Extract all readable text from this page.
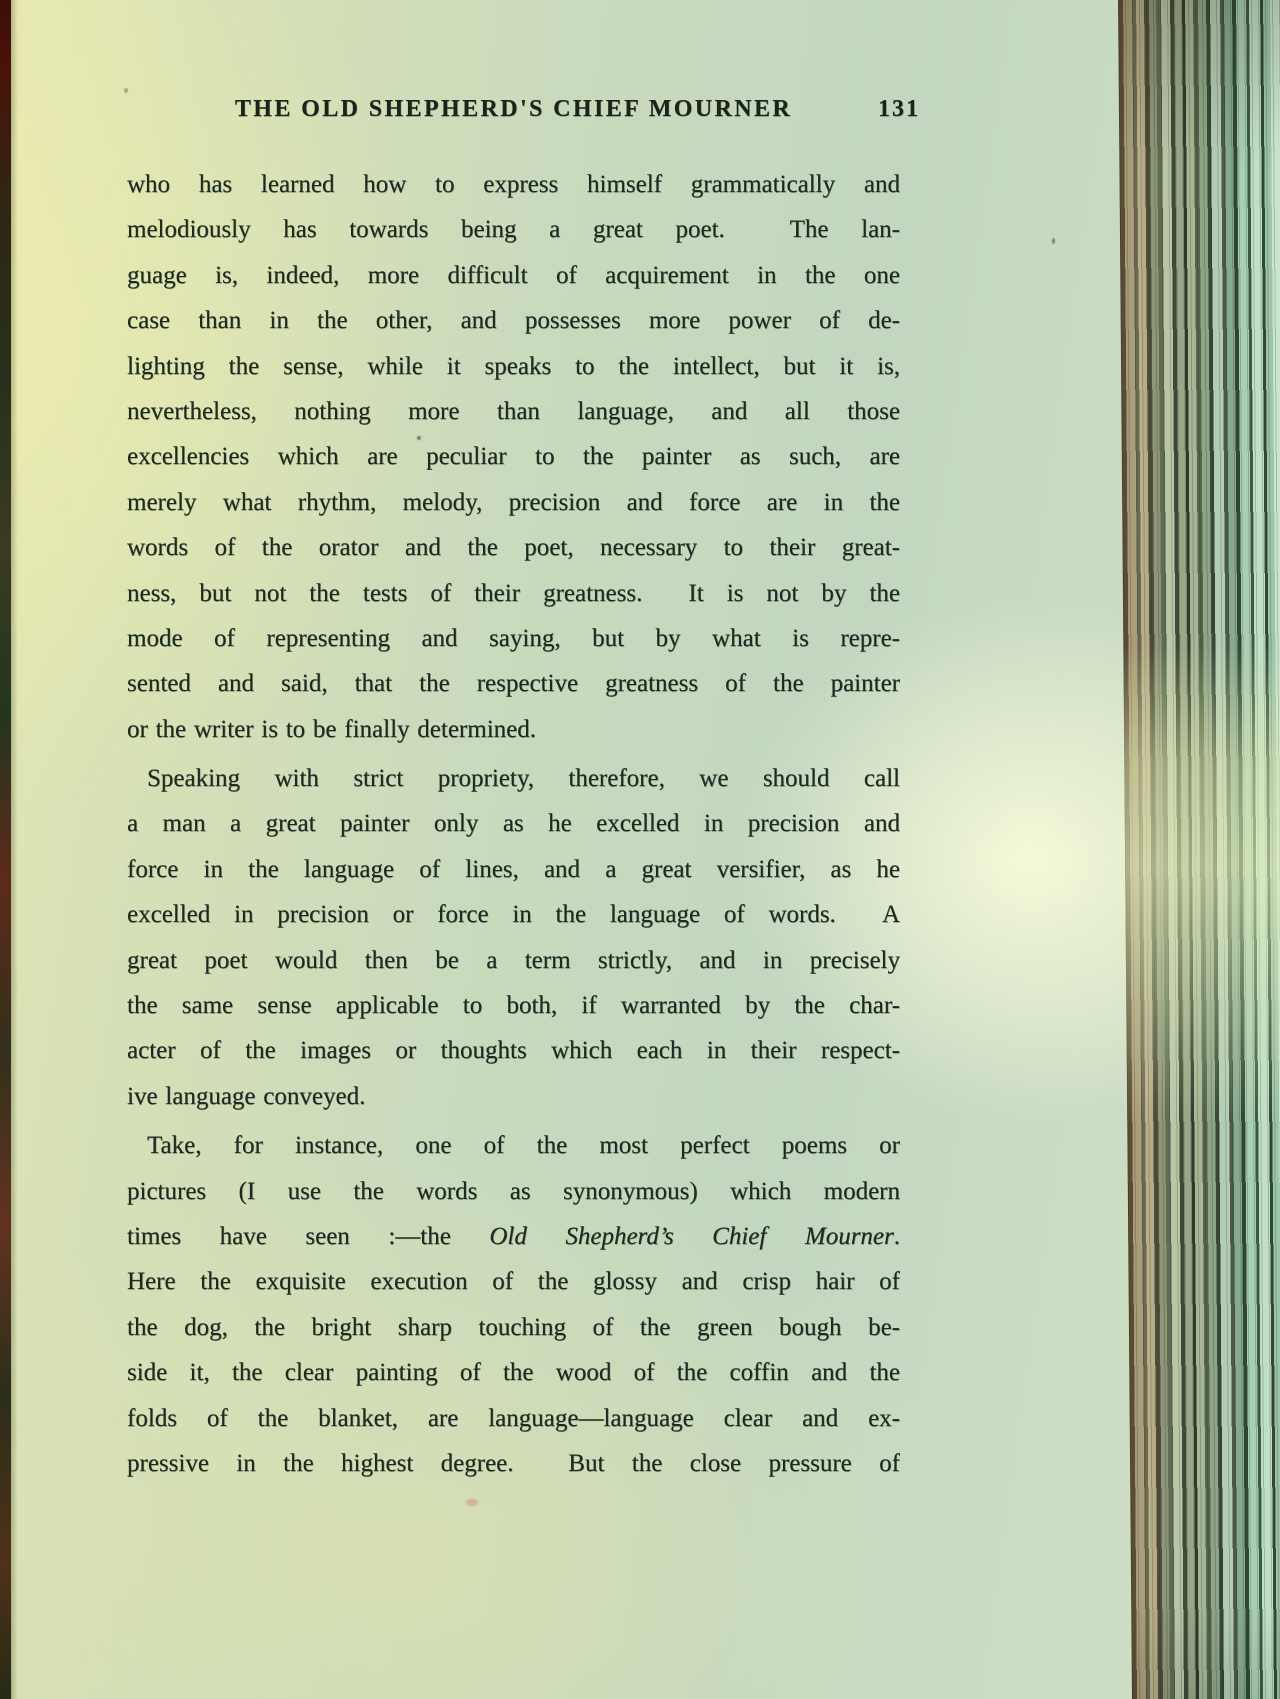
THE OLD SHEPHERD'S CHIEF MOURNER	131
who has learned how to express himself grammatically and
melodiously has towards being a great poet.  The lan-
guage is, indeed, more difficult of acquirement in the one
case than in the other, and possesses more power of de-
lighting the sense, while it speaks to the intellect, but it is,
nevertheless, nothing more than language, and all those
excellencies which are peculiar to the painter as such, are
merely what rhythm, melody, precision and force are in the
words of the orator and the poet, necessary to their great-
ness, but not the tests of their greatness.  It is not by the
mode of representing and saying, but by what is repre-
sented and said, that the respective greatness of the painter
or the writer is to be finally determined.
Speaking with strict propriety, therefore, we should call
a man a great painter only as he excelled in precision and
force in the language of lines, and a great versifier, as he
excelled in precision or force in the language of words.  A
great poet would then be a term strictly, and in precisely
the same sense applicable to both, if warranted by the char-
acter of the images or thoughts which each in their respect-
ive language conveyed.
Take, for instance, one of the most perfect poems or
pictures (I use the words as synonymous) which modern
times have seen :—the Old Shepherd’s Chief Mourner.
Here the exquisite execution of the glossy and crisp hair of
the dog, the bright sharp touching of the green bough be-
side it, the clear painting of the wood of the coffin and the
folds of the blanket, are language—language clear and ex-
pressive in the highest degree.  But the close pressure of
